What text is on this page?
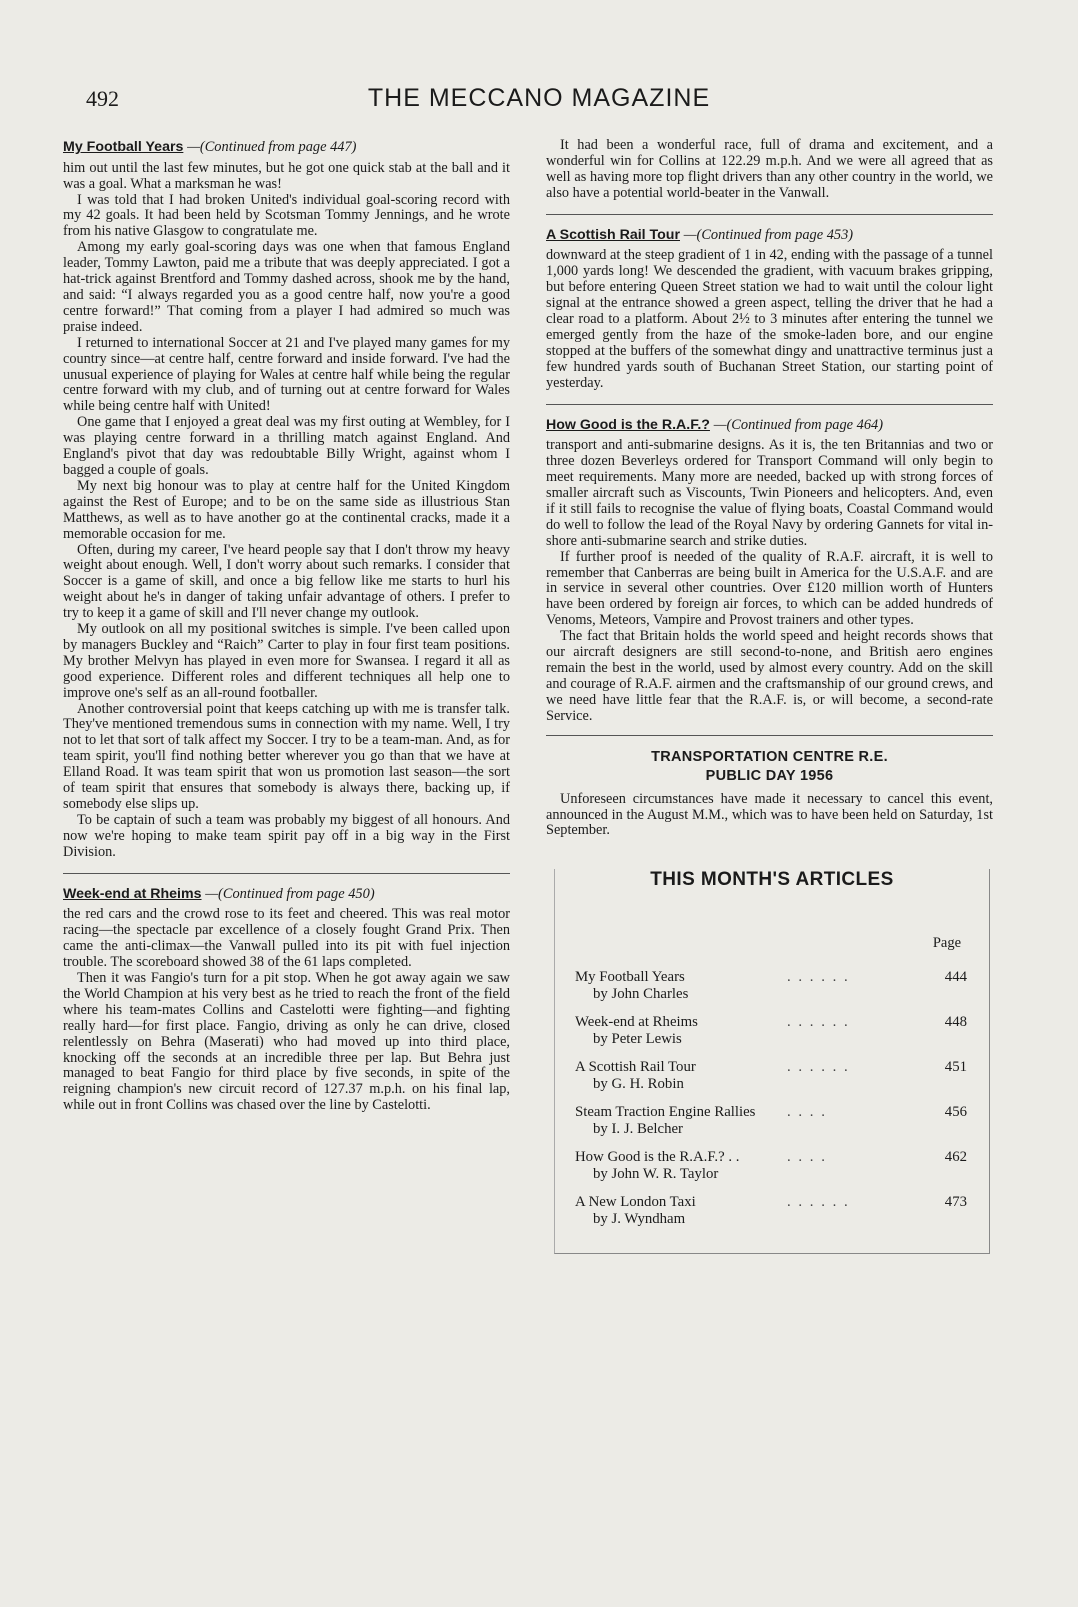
492	THE MECCANO MAGAZINE
My Football Years —(Continued from page 447)

him out until the last few minutes, but he got one quick stab at the ball and it was a goal. What a marksman he was!

I was told that I had broken United's individual goal-scoring record with my 42 goals. It had been held by Scotsman Tommy Jennings, and he wrote from his native Glasgow to congratulate me.

Among my early goal-scoring days was one when that famous England leader, Tommy Lawton, paid me a tribute that was deeply appreciated. I got a hat-trick against Brentford and Tommy dashed across, shook me by the hand, and said: “I always regarded you as a good centre half, now you're a good centre forward!” That coming from a player I had admired so much was praise indeed.

I returned to international Soccer at 21 and I've played many games for my country since—at centre half, centre forward and inside forward. I've had the unusual experience of playing for Wales at centre half while being the regular centre forward with my club, and of turning out at centre forward for Wales while being centre half with United!

One game that I enjoyed a great deal was my first outing at Wembley, for I was playing centre forward in a thrilling match against England. And England's pivot that day was redoubtable Billy Wright, against whom I bagged a couple of goals.

My next big honour was to play at centre half for the United Kingdom against the Rest of Europe; and to be on the same side as illustrious Stan Matthews, as well as to have another go at the continental cracks, made it a memorable occasion for me.

Often, during my career, I've heard people say that I don't throw my heavy weight about enough. Well, I don't worry about such remarks. I consider that Soccer is a game of skill, and once a big fellow like me starts to hurl his weight about he's in danger of taking unfair advantage of others. I prefer to try to keep it a game of skill and I'll never change my outlook.

My outlook on all my positional switches is simple. I've been called upon by managers Buckley and “Raich” Carter to play in four first team positions. My brother Melvyn has played in even more for Swansea. I regard it all as good experience. Different roles and different techniques all help one to improve one's self as an all-round footballer.

Another controversial point that keeps catching up with me is transfer talk. They've mentioned tremendous sums in connection with my name. Well, I try not to let that sort of talk affect my Soccer. I try to be a team-man. And, as for team spirit, you'll find nothing better wherever you go than that we have at Elland Road. It was team spirit that won us promotion last season—the sort of team spirit that ensures that somebody is always there, backing up, if somebody else slips up.

To be captain of such a team was probably my biggest of all honours. And now we're hoping to make team spirit pay off in a big way in the First Division.

Week-end at Rheims —(Continued from page 450)

the red cars and the crowd rose to its feet and cheered. This was real motor racing—the spectacle par excellence of a closely fought Grand Prix. Then came the anti-climax—the Vanwall pulled into its pit with fuel injection trouble. The scoreboard showed 38 of the 61 laps completed.

Then it was Fangio's turn for a pit stop. When he got away again we saw the World Champion at his very best as he tried to reach the front of the field where his team-mates Collins and Castelotti were fighting—and fighting really hard—for first place. Fangio, driving as only he can drive, closed relentlessly on Behra (Maserati) who had moved up into third place, knocking off the seconds at an incredible three per lap. But Behra just managed to beat Fangio for third place by five seconds, in spite of the reigning champion's new circuit record of 127.37 m.p.h. on his final lap, while out in front Collins was chased over the line by Castelotti.

It had been a wonderful race, full of drama and excitement, and a wonderful win for Collins at 122.29 m.p.h. And we were all agreed that as well as having more top flight drivers than any other country in the world, we also have a potential world-beater in the Vanwall.

A Scottish Rail Tour —(Continued from page 453)

downward at the steep gradient of 1 in 42, ending with the passage of a tunnel 1,000 yards long! We descended the gradient, with vacuum brakes gripping, but before entering Queen Street station we had to wait until the colour light signal at the entrance showed a green aspect, telling the driver that he had a clear road to a platform. About 2½ to 3 minutes after entering the tunnel we emerged gently from the haze of the smoke-laden bore, and our engine stopped at the buffers of the somewhat dingy and unattractive terminus just a few hundred yards south of Buchanan Street Station, our starting point of yesterday.

How Good is the R.A.F.? —(Continued from page 464)

transport and anti-submarine designs. As it is, the ten Britannias and two or three dozen Beverleys ordered for Transport Command will only begin to meet requirements. Many more are needed, backed up with strong forces of smaller aircraft such as Viscounts, Twin Pioneers and helicopters. And, even if it still fails to recognise the value of flying boats, Coastal Command would do well to follow the lead of the Royal Navy by ordering Gannets for vital in-shore anti-submarine search and strike duties.

If further proof is needed of the quality of R.A.F. aircraft, it is well to remember that Canberras are being built in America for the U.S.A.F. and are in service in several other countries. Over £120 million worth of Hunters have been ordered by foreign air forces, to which can be added hundreds of Venoms, Meteors, Vampire and Provost trainers and other types.

The fact that Britain holds the world speed and height records shows that our aircraft designers are still second-to-none, and British aero engines remain the best in the world, used by almost every country. Add on the skill and courage of R.A.F. airmen and the craftsmanship of our ground crews, and we need have little fear that the R.A.F. is, or will become, a second-rate Service.

TRANSPORTATION CENTRE R.E.
PUBLIC DAY 1956

Unforeseen circumstances have made it necessary to cancel this event, announced in the August M.M., which was to have been held on Saturday, 1st September.

THIS MONTH'S ARTICLES
Page
My Football Years
by John Charles
. . . . . .	444
Week-end at Rheims
by Peter Lewis
. . . . . .	448
A Scottish Rail Tour
by G. H. Robin
. . . . . .	451
Steam Traction Engine Rallies
by I. J. Belcher
. . . .	456
How Good is the R.A.F.? . .
by John W. R. Taylor
. . . .	462
A New London Taxi
by J. Wyndham
. . . . . .	473
